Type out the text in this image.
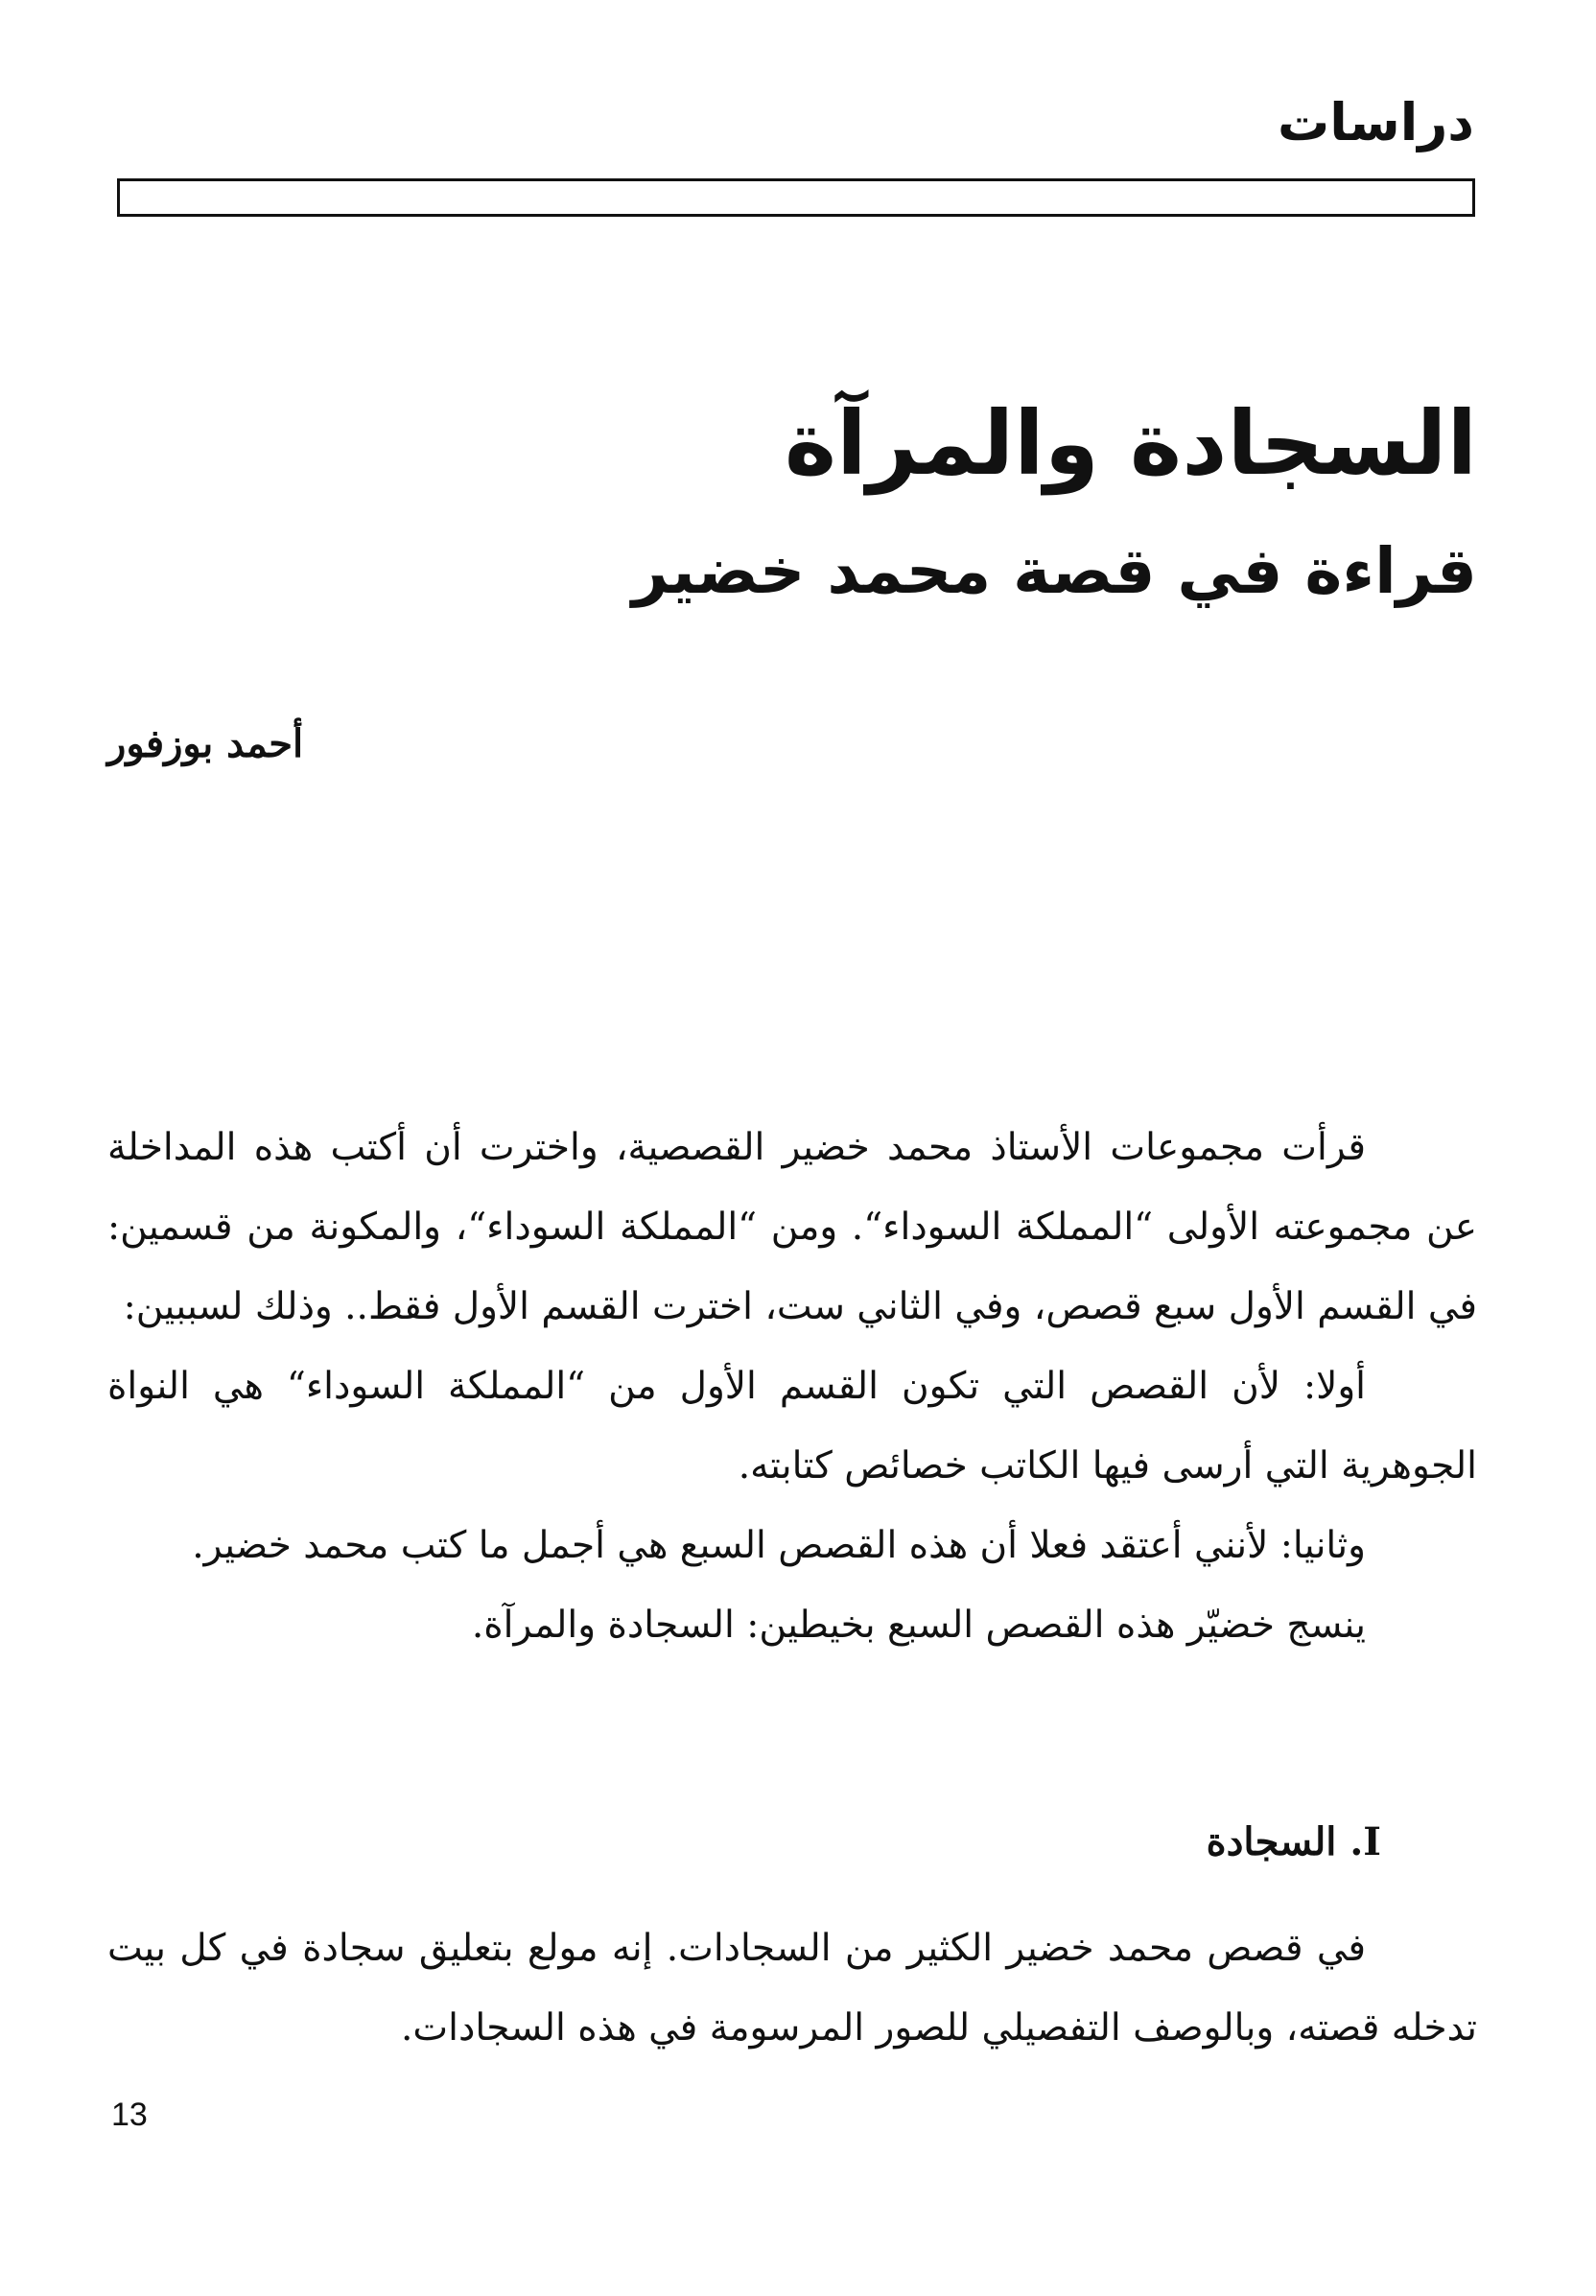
دراسات
السجادة والمرآة
قراءة في قصة محمد خضير
أحمد بوزفور

قرأت مجموعات الأستاذ محمد خضير القصصية، واخترت أن أكتب هذه المداخلة عن مجموعته الأولى “المملكة السوداء“. ومن “المملكة السوداء“، والمكونة من قسمين: في القسم الأول سبع قصص، وفي الثاني ست، اخترت القسم الأول فقط.. وذلك لسببين:

أولا: لأن القصص التي تكون القسم الأول من “المملكة السوداء“ هي النواة الجوهرية التي أرسى فيها الكاتب خصائص كتابته.

وثانيا: لأنني أعتقد فعلا أن هذه القصص السبع هي أجمل ما كتب محمد خضير.

ينسج خضيّر هذه القصص السبع بخيطين: السجادة والمرآة.

I. السجادة

في قصص محمد خضير الكثير من السجادات. إنه مولع بتعليق سجادة في كل بيت تدخله قصته، وبالوصف التفصيلي للصور المرسومة في هذه السجادات.

13
